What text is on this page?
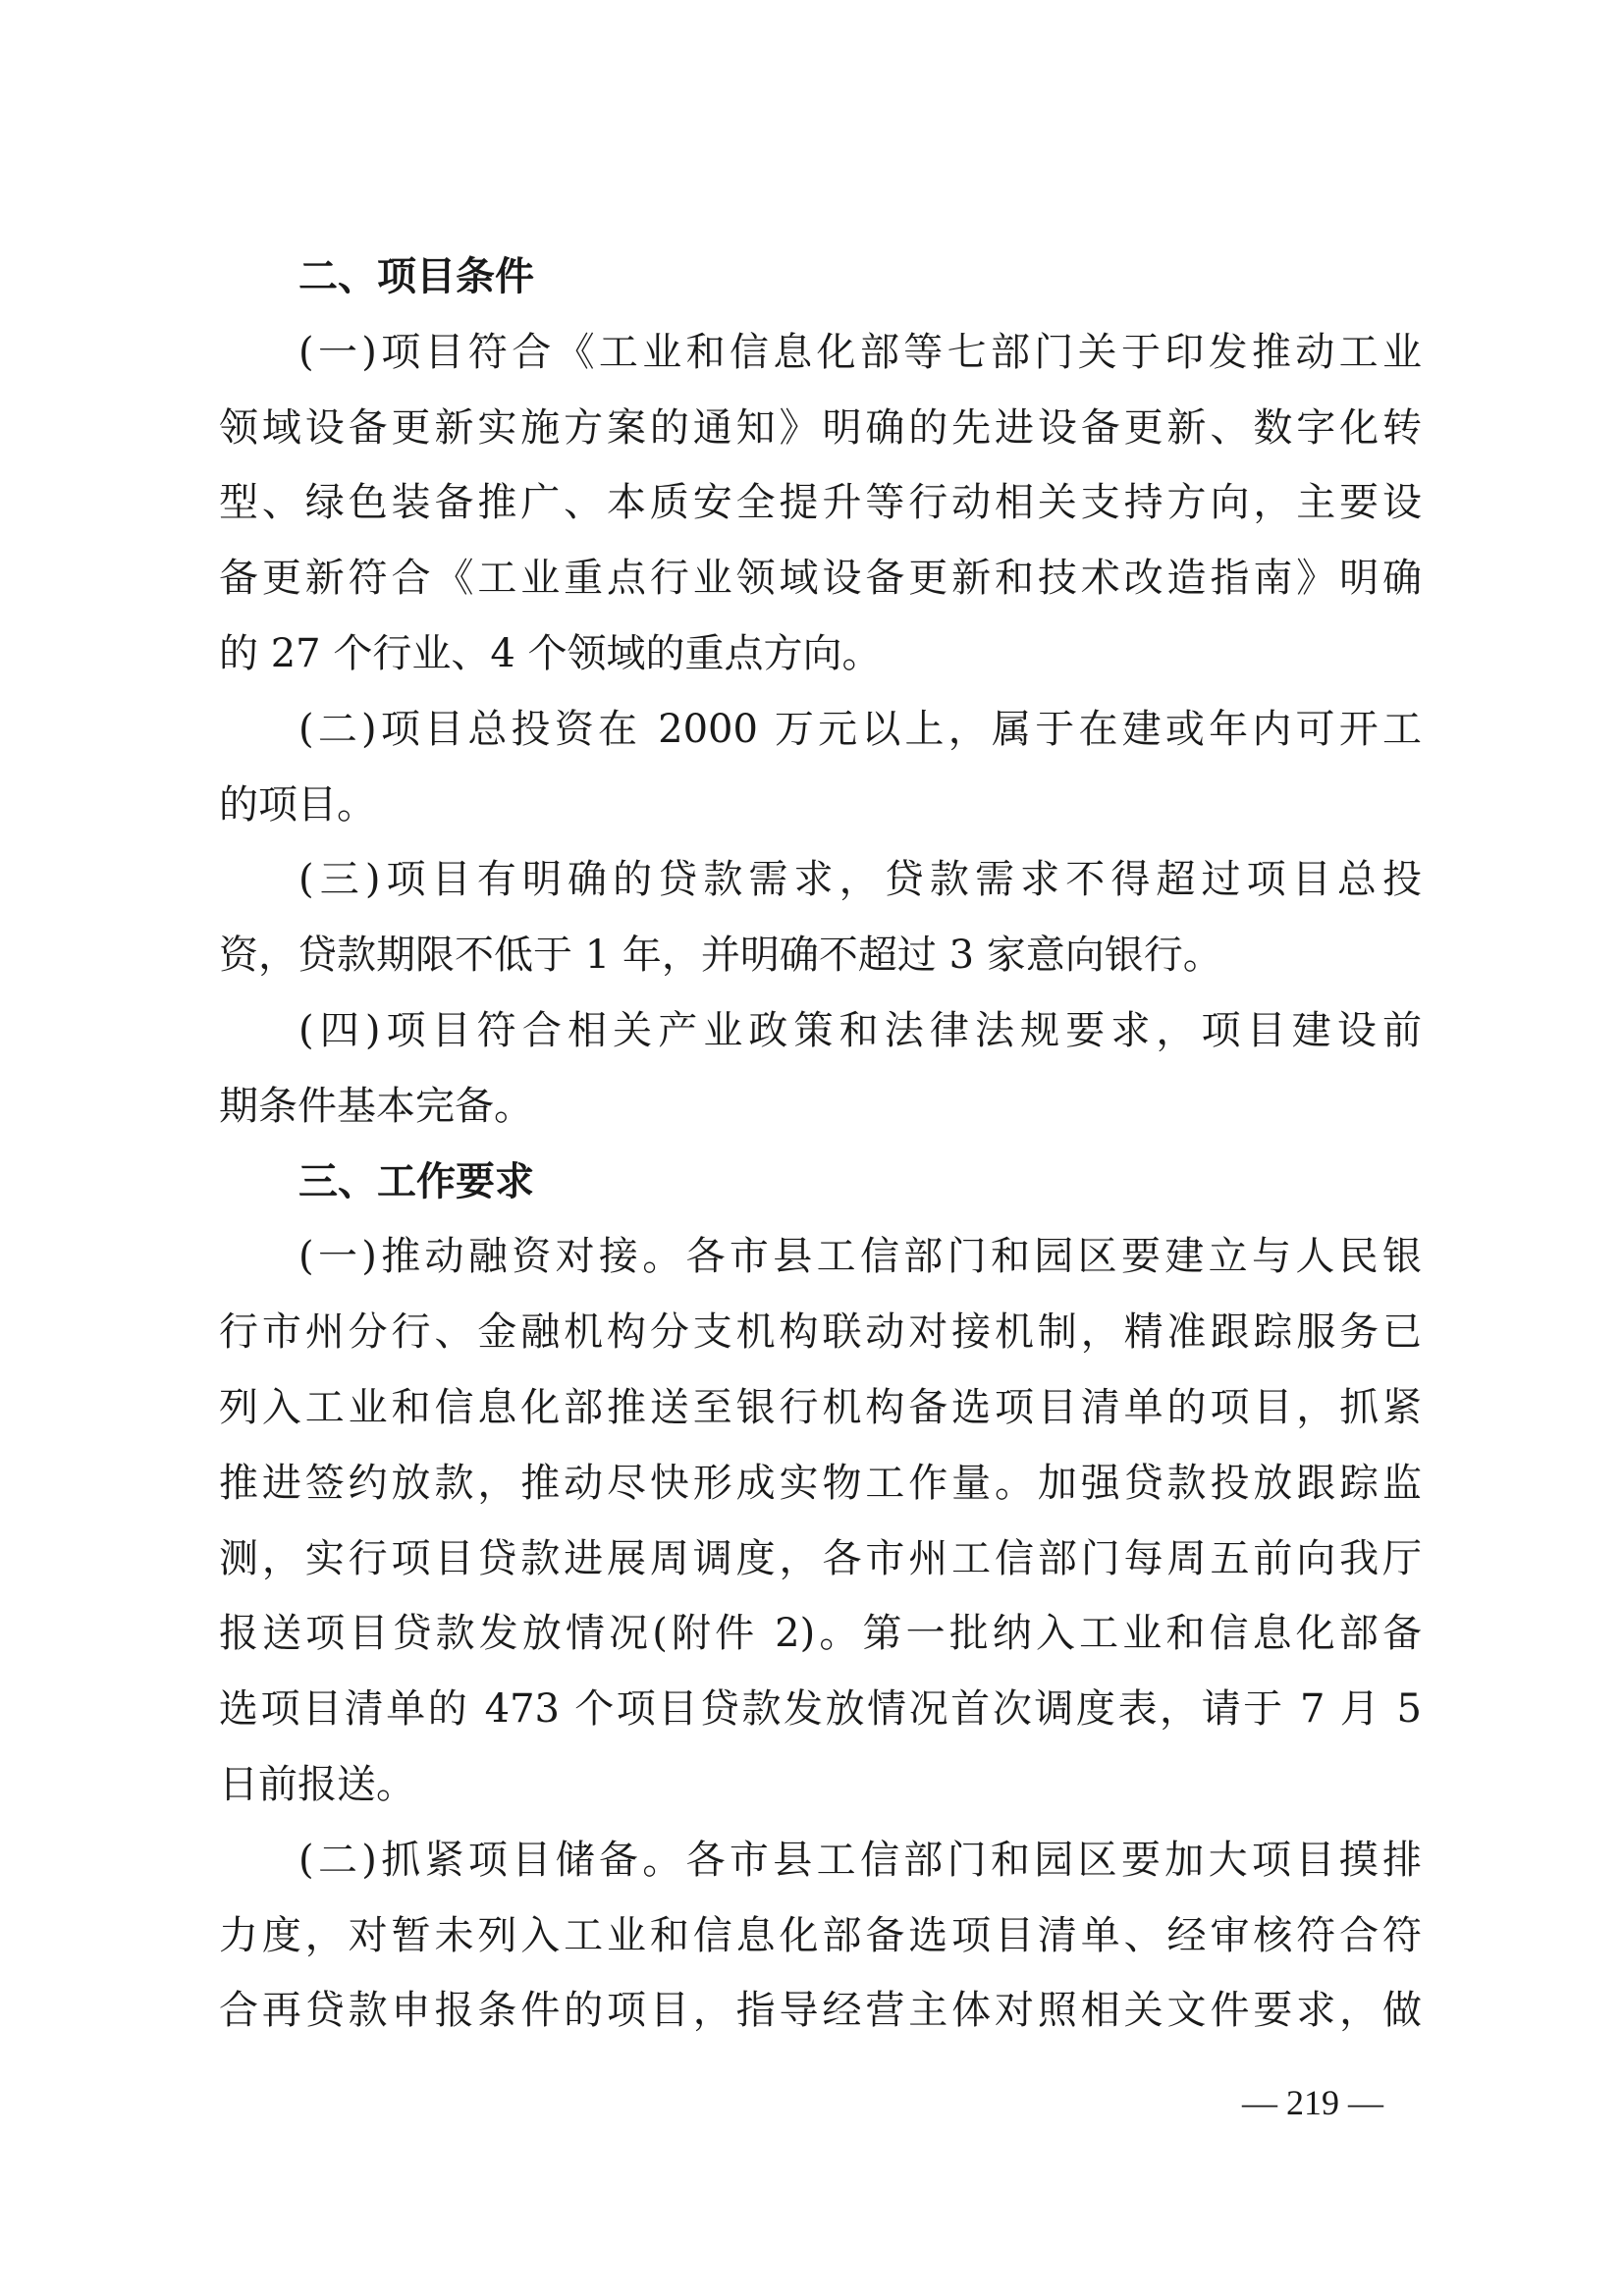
二、项目条件
(一)项目符合《工业和信息化部等七部门关于印发推动工业
领域设备更新实施方案的通知》明确的先进设备更新、数字化转
型、绿色装备推广、本质安全提升等行动相关支持方向，主要设
备更新符合《工业重点行业领域设备更新和技术改造指南》明确
的 27 个行业、4 个领域的重点方向。
(二)项目总投资在 2000 万元以上，属于在建或年内可开工
的项目。
(三)项目有明确的贷款需求，贷款需求不得超过项目总投
资，贷款期限不低于 1 年，并明确不超过 3 家意向银行。
(四)项目符合相关产业政策和法律法规要求，项目建设前
期条件基本完备。
三、工作要求
(一)推动融资对接。各市县工信部门和园区要建立与人民银
行市州分行、金融机构分支机构联动对接机制，精准跟踪服务已
列入工业和信息化部推送至银行机构备选项目清单的项目，抓紧
推进签约放款，推动尽快形成实物工作量。加强贷款投放跟踪监
测，实行项目贷款进展周调度，各市州工信部门每周五前向我厅
报送项目贷款发放情况(附件 2)。第一批纳入工业和信息化部备
选项目清单的 473 个项目贷款发放情况首次调度表，请于 7 月 5
日前报送。
(二)抓紧项目储备。各市县工信部门和园区要加大项目摸排
力度，对暂未列入工业和信息化部备选项目清单、经审核符合符
合再贷款申报条件的项目，指导经营主体对照相关文件要求，做
— 219 —
